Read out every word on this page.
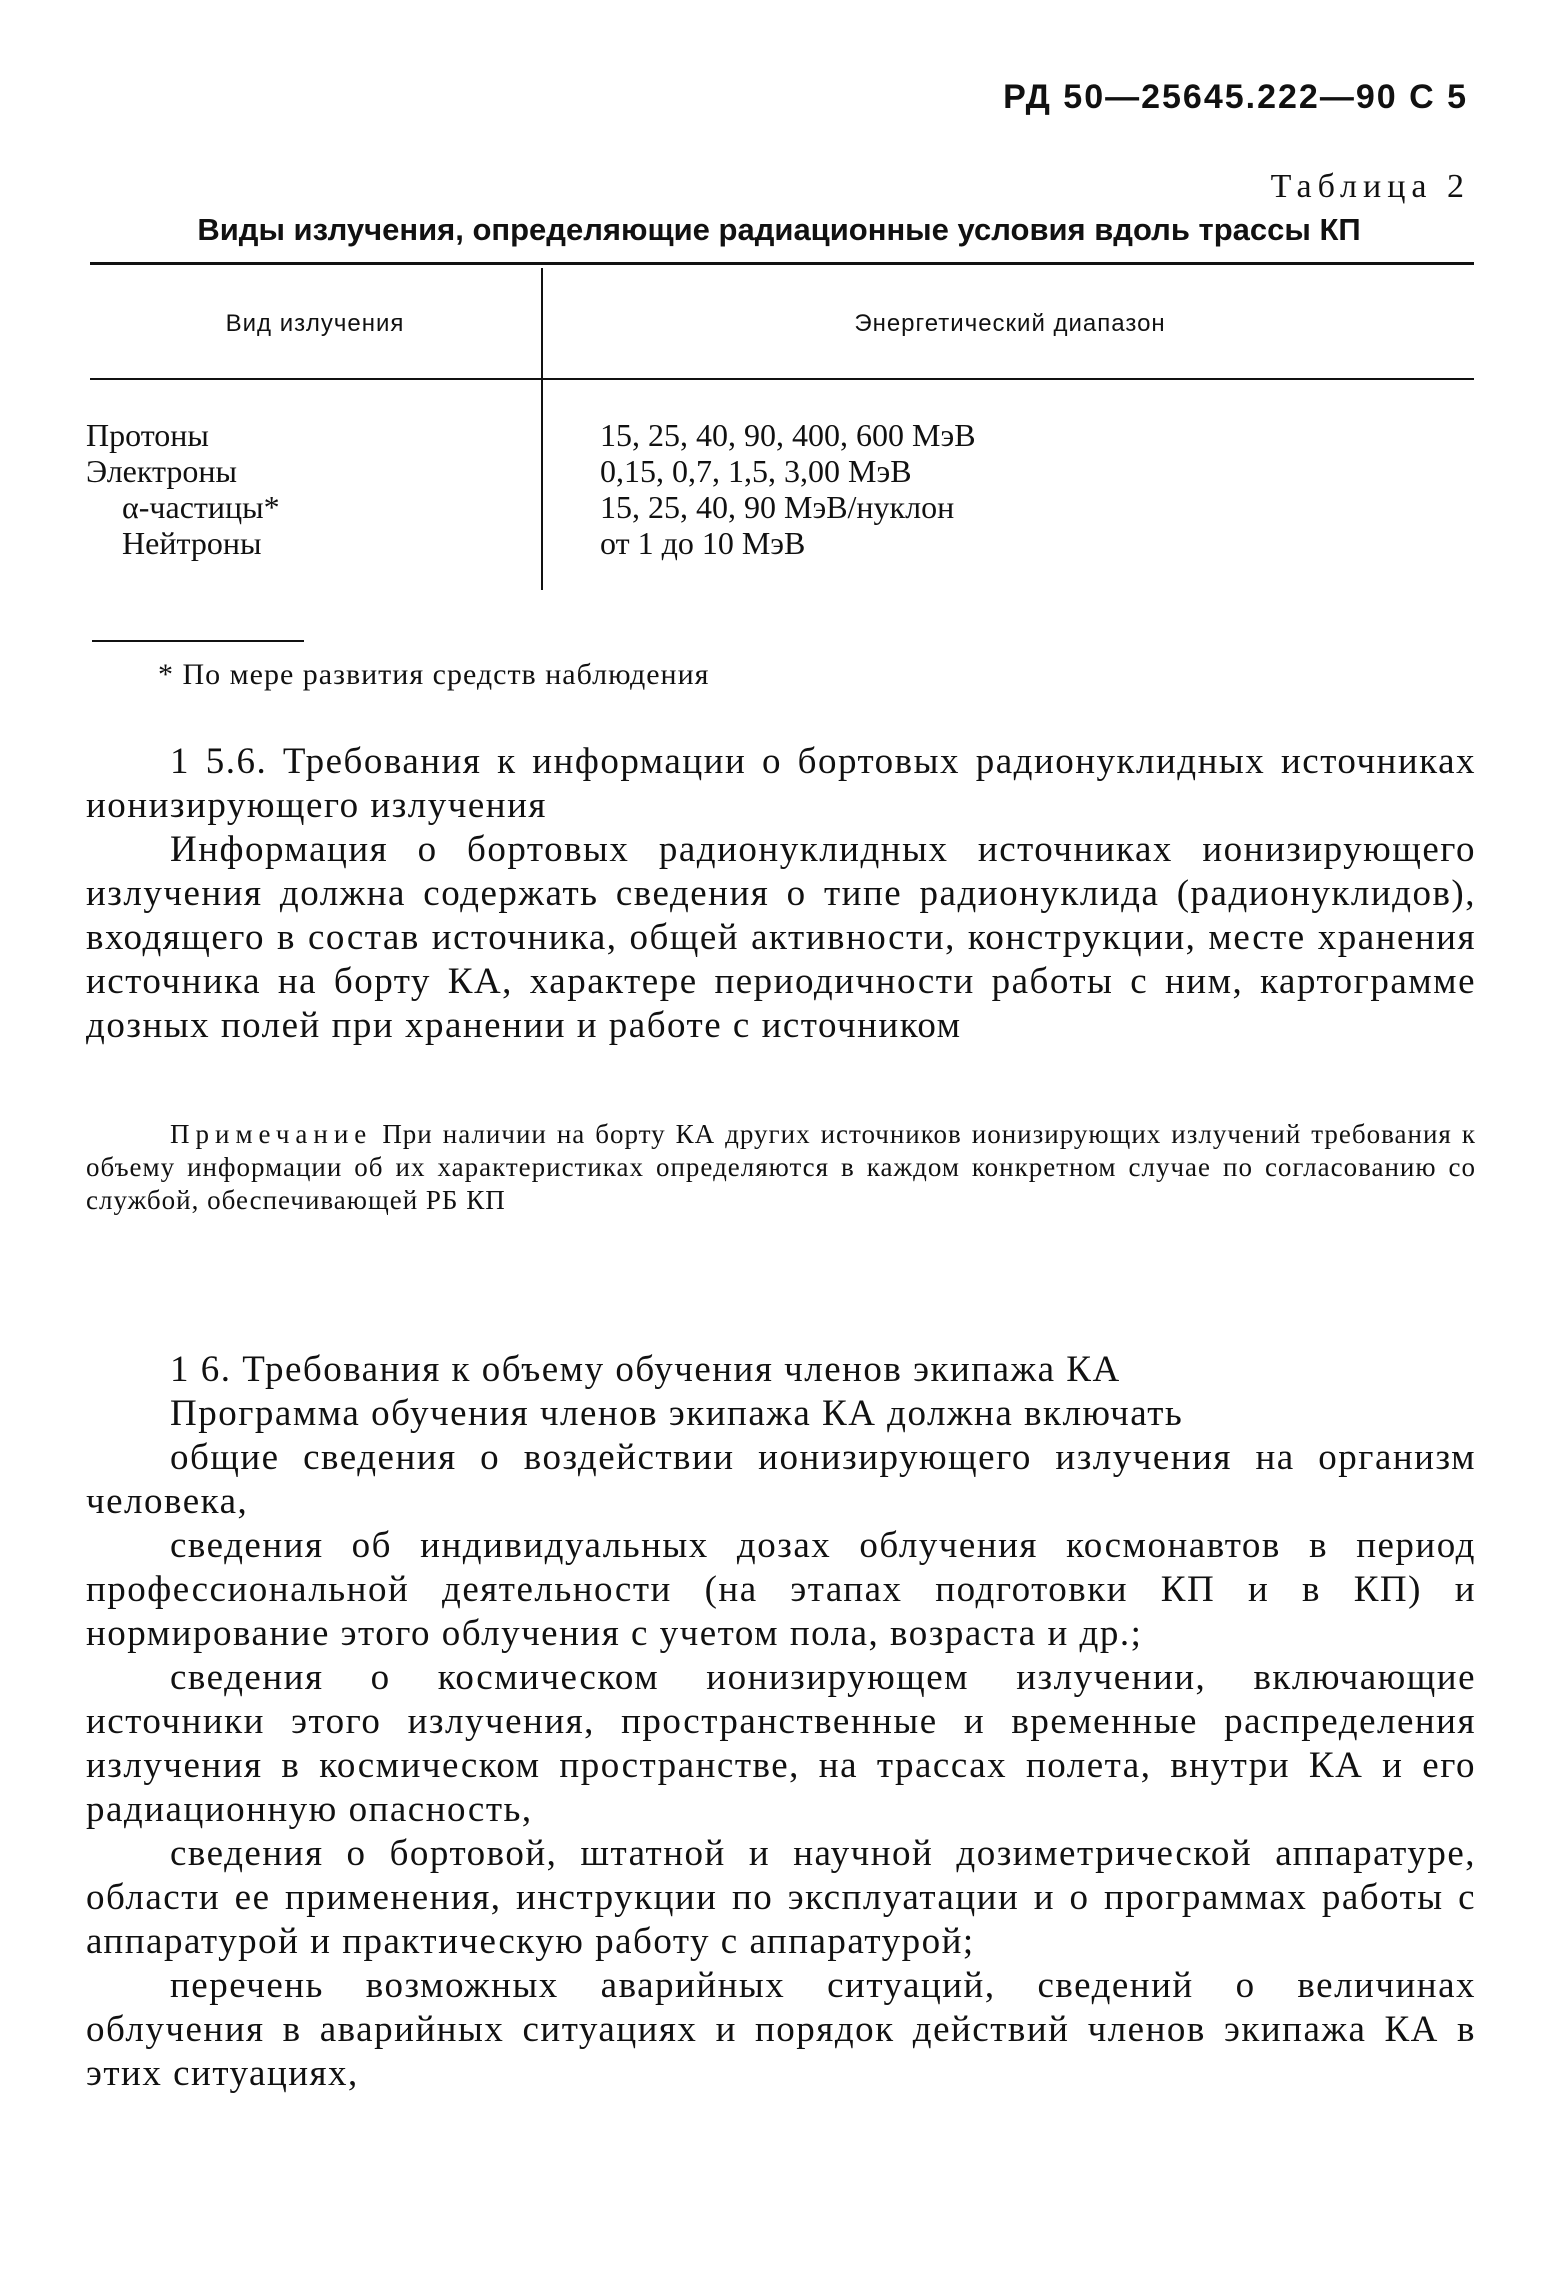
РД 50—25645.222—90 С 5
Таблица 2
Виды излучения, определяющие радиационные условия вдоль трассы КП
Вид излучения	Энергетический диапазон
Протоны
Электроны
α-частицы*
Нейтроны
15, 25, 40, 90, 400, 600 МэВ
0,15, 0,7, 1,5, 3,00 МэВ
15, 25, 40, 90 МэВ/нуклон
от 1 до 10 МэВ
* По мере развития средств наблюдения

1 5.6. Требования к информации о бортовых радионуклидных источниках ионизирующего излучения

Информация о бортовых радионуклидных источниках ионизирующего излучения должна содержать сведения о типе радионуклида (радионуклидов), входящего в состав источника, общей активности, конструкции, месте хранения источника на борту КА, характере периодичности работы с ним, картограмме дозных полей при хранении и работе с источником

Примечание При наличии на борту КА других источников ионизирующих излучений требования к объему информации об их характеристиках определяются в каждом конкретном случае по согласованию со службой, обеспечивающей РБ КП

1 6. Требования к объему обучения членов экипажа КА

Программа обучения членов экипажа КА должна включать

общие сведения о воздействии ионизирующего излучения на организм человека,

сведения об индивидуальных дозах облучения космонавтов в период профессиональной деятельности (на этапах подготовки КП и в КП) и нормирование этого облучения с учетом пола, возраста и др.;

сведения о космическом ионизирующем излучении, включающие источники этого излучения, пространственные и временные распределения излучения в космическом пространстве, на трассах полета, внутри КА и его радиационную опасность,

сведения о бортовой, штатной и научной дозиметрической аппаратуре, области ее применения, инструкции по эксплуатации и о программах работы с аппаратурой и практическую работу с аппаратурой;

перечень возможных аварийных ситуаций, сведений о величинах облучения в аварийных ситуациях и порядок действий членов экипажа КА в этих ситуациях,
